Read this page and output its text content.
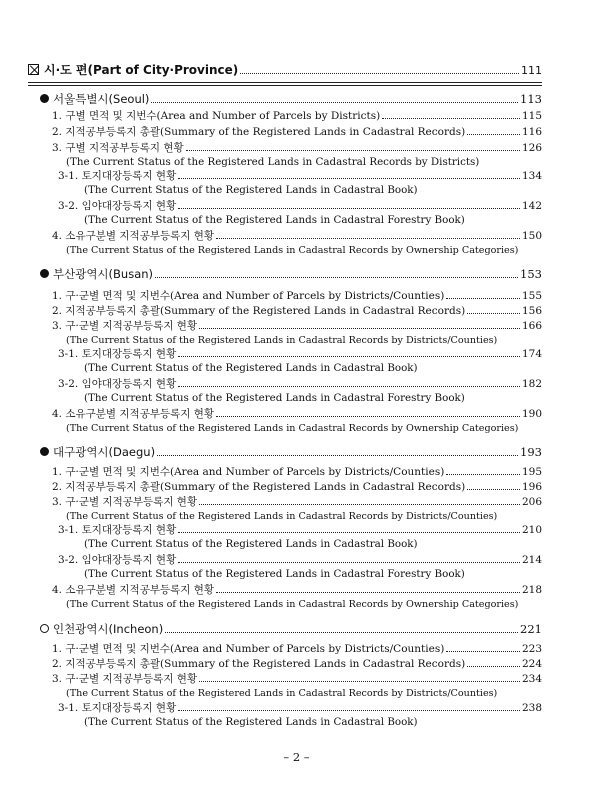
시·도 편(Part of City·Province)	111
서울특별시(Seoul)	113
1. 구별 면적 및 지번수(Area and Number of Parcels by Districts)	115
2. 지적공부등록지 총괄(Summary of the Registered Lands in Cadastral Records)	116
3. 구별 지적공부등록지 현황	126
(The Current Status of the Registered Lands in Cadastral Records by Districts)
3-1. 토지대장등록지 현황	134
(The Current Status of the Registered Lands in Cadastral Book)
3-2. 임야대장등록지 현황	142
(The Current Status of the Registered Lands in Cadastral Forestry Book)
4. 소유구분별 지적공부등록지 현황	150
(The Current Status of the Registered Lands in Cadastral Records by Ownership Categories)
부산광역시(Busan)	153
1. 구·군별 면적 및 지번수(Area and Number of Parcels by Districts/Counties)	155
2. 지적공부등록지 총괄(Summary of the Registered Lands in Cadastral Records)	156
3. 구·군별 지적공부등록지 현황	166
(The Current Status of the Registered Lands in Cadastral Records by Districts/Counties)
3-1. 토지대장등록지 현황	174
(The Current Status of the Registered Lands in Cadastral Book)
3-2. 임야대장등록지 현황	182
(The Current Status of the Registered Lands in Cadastral Forestry Book)
4. 소유구분별 지적공부등록지 현황	190
(The Current Status of the Registered Lands in Cadastral Records by Ownership Categories)
대구광역시(Daegu)	193
1. 구·군별 면적 및 지번수(Area and Number of Parcels by Districts/Counties)	195
2. 지적공부등록지 총괄(Summary of the Registered Lands in Cadastral Records)	196
3. 구·군별 지적공부등록지 현황	206
(The Current Status of the Registered Lands in Cadastral Records by Districts/Counties)
3-1. 토지대장등록지 현황	210
(The Current Status of the Registered Lands in Cadastral Book)
3-2. 임야대장등록지 현황	214
(The Current Status of the Registered Lands in Cadastral Forestry Book)
4. 소유구분별 지적공부등록지 현황	218
(The Current Status of the Registered Lands in Cadastral Records by Ownership Categories)
인천광역시(Incheon)	221
1. 구·군별 면적 및 지번수(Area and Number of Parcels by Districts/Counties)	223
2. 지적공부등록지 총괄(Summary of the Registered Lands in Cadastral Records)	224
3. 구·군별 지적공부등록지 현황	234
(The Current Status of the Registered Lands in Cadastral Records by Districts/Counties)
3-1. 토지대장등록지 현황	238
(The Current Status of the Registered Lands in Cadastral Book)
– 2 –
